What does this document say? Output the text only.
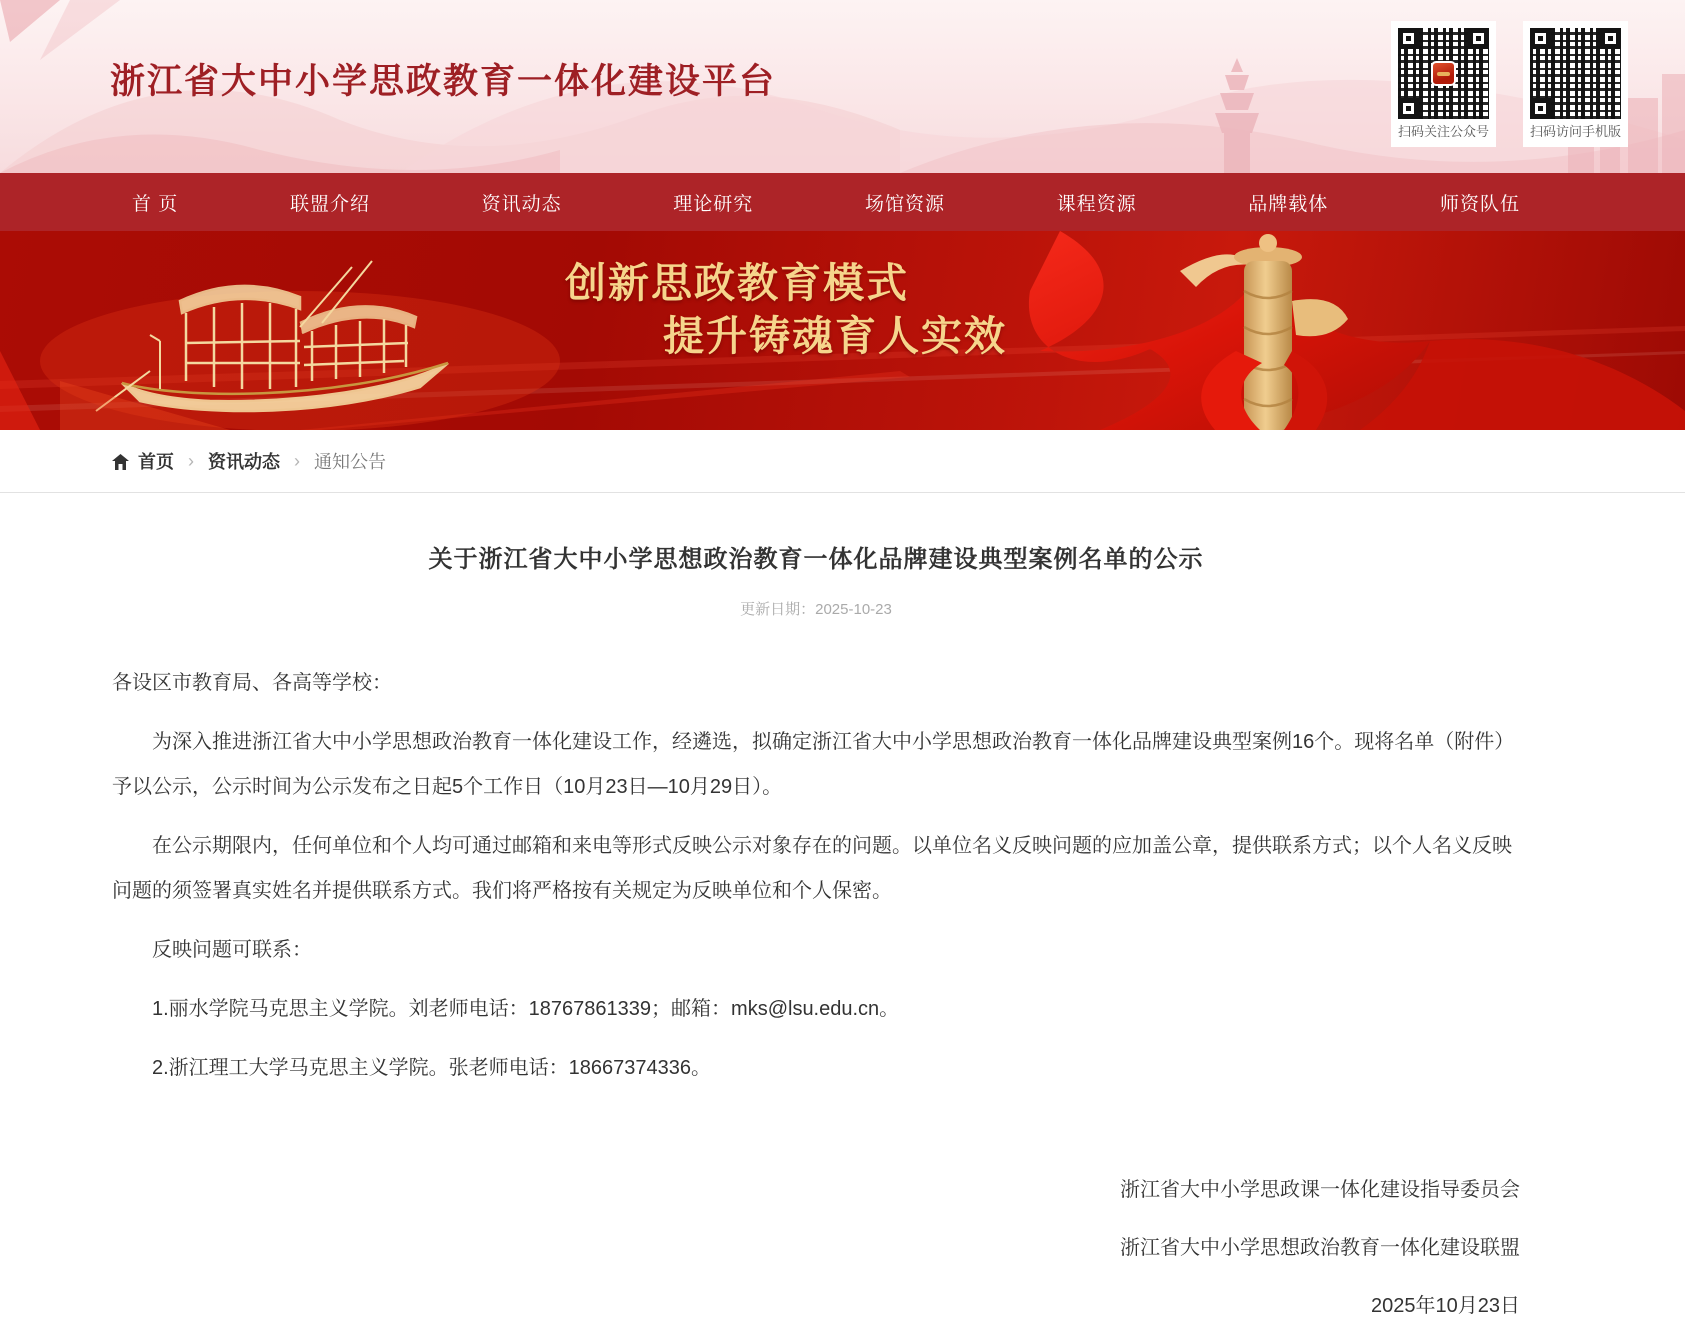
浙江省大中小学思政教育一体化建设平台
扫码关注公众号	扫码访问手机版
首 页	联盟介绍	资讯动态	理论研究	场馆资源	课程资源	品牌载体	师资队伍
创新思政教育模式
提升铸魂育人实效
首页 › 资讯动态 › 通知公告
关于浙江省大中小学思想政治教育一体化品牌建设典型案例名单的公示
更新日期：2025-10-23

各设区市教育局、各高等学校：

为深入推进浙江省大中小学思想政治教育一体化建设工作，经遴选，拟确定浙江省大中小学思想政治教育一体化品牌建设典型案例16个。现将名单（附件）予以公示，公示时间为公示发布之日起5个工作日（10月23日—10月29日）。

在公示期限内，任何单位和个人均可通过邮箱和来电等形式反映公示对象存在的问题。以单位名义反映问题的应加盖公章，提供联系方式；以个人名义反映问题的须签署真实姓名并提供联系方式。我们将严格按有关规定为反映单位和个人保密。

反映问题可联系：

1.丽水学院马克思主义学院。刘老师电话：18767861339；邮箱：mks@lsu.edu.cn。

2.浙江理工大学马克思主义学院。张老师电话：18667374336。

浙江省大中小学思政课一体化建设指导委员会
浙江省大中小学思想政治教育一体化建设联盟
2025年10月23日
